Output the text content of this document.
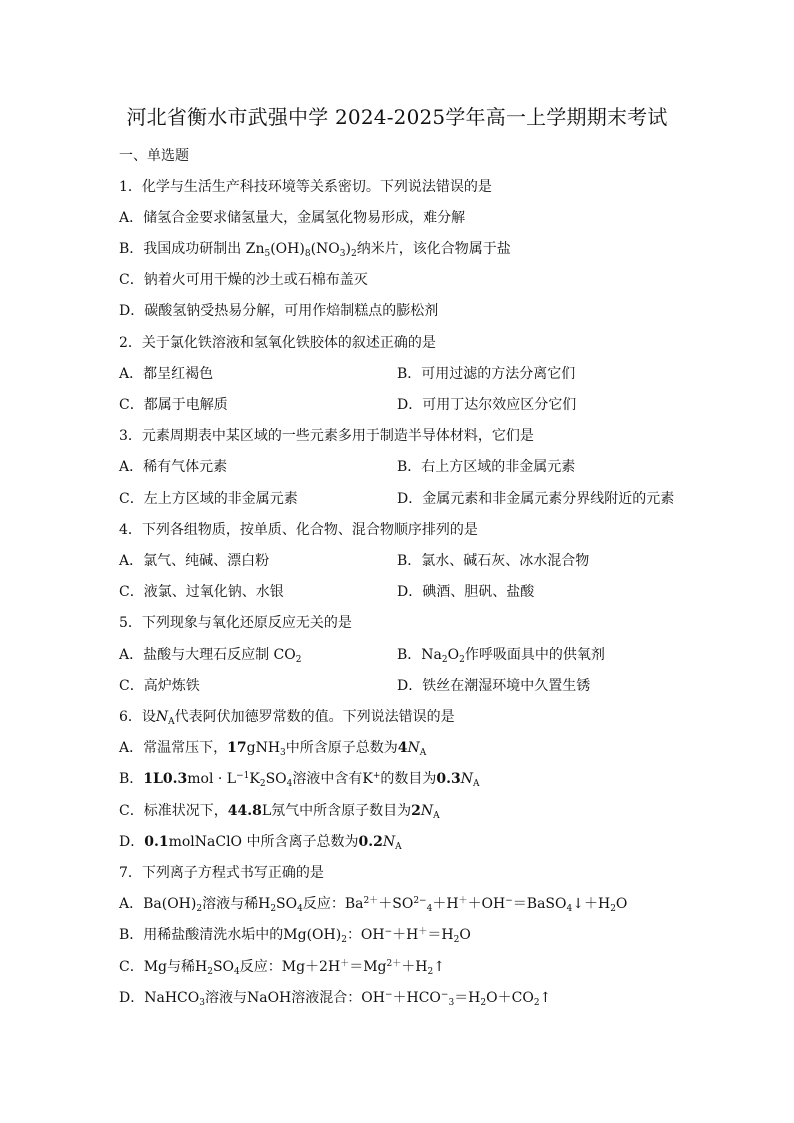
河北省衡水市武强中学 2024-2025学年高一上学期期末考试
一、单选题
1．化学与生活生产科技环境等关系密切。下列说法错误的是
A．储氢合金要求储氢量大，金属氢化物易形成，难分解
B．我国成功研制出 $Zn_5(OH)_8(NO_3)_2$纳米片，该化合物属于盐
C．钠着火可用干燥的沙土或石棉布盖灭
D．碳酸氢钠受热易分解，可用作焙制糕点的膨松剂
2．关于氯化铁溶液和氢氧化铁胶体的叙述正确的是
A．都呈红褐色	B．可用过滤的方法分离它们
C．都属于电解质	D．可用丁达尔效应区分它们
3．元素周期表中某区域的一些元素多用于制造半导体材料，它们是
A．稀有气体元素	B．右上方区域的非金属元素
C．左上方区域的非金属元素	D．金属元素和非金属元素分界线附近的元素
4．下列各组物质，按单质、化合物、混合物顺序排列的是
A．氯气、纯碱、漂白粉	B．氯水、碱石灰、冰水混合物
C．液氯、过氧化钠、水银	D．碘酒、胆矾、盐酸
5．下列现象与氧化还原反应无关的是
A．盐酸与大理石反应制 $CO_2$	B．$Na_2O_2$作呼吸面具中的供氧剂
C．高炉炼铁	D．铁丝在潮湿环境中久置生锈
6．设$N_A$代表阿伏加德罗常数的值。下列说法错误的是
A．常温常压下，17gNH$_3$中所含原子总数为$4N_A$
B．$1L0.3mol \cdot L^{-1}K_2SO_4$溶液中含有K+的数目为$0.3N_A$
C．标准状况下，44.8L氖气中所含原子数目为$2N_A$
D．0.1molNaClO 中所含离子总数为$0.2N_A$
7．下列离子方程式书写正确的是
A．$Ba(OH)_2$溶液与稀$H_2SO_4$反应：$Ba^{2+}+SO^{2-}_4+H^++OH^-=BaSO_4↓+H_2O$
B．用稀盐酸清洗水垢中的$Mg(OH)_2$：$OH^-+H^+=H_2O$
C．Mg与稀$H_2SO_4$反应：$Mg+2H^+=Mg^{2+}+H_2↑$
D．NaHCO$_3$溶液与NaOH溶液混合：$OH^-+HCO^-_3=H_2O+CO_2↑$
